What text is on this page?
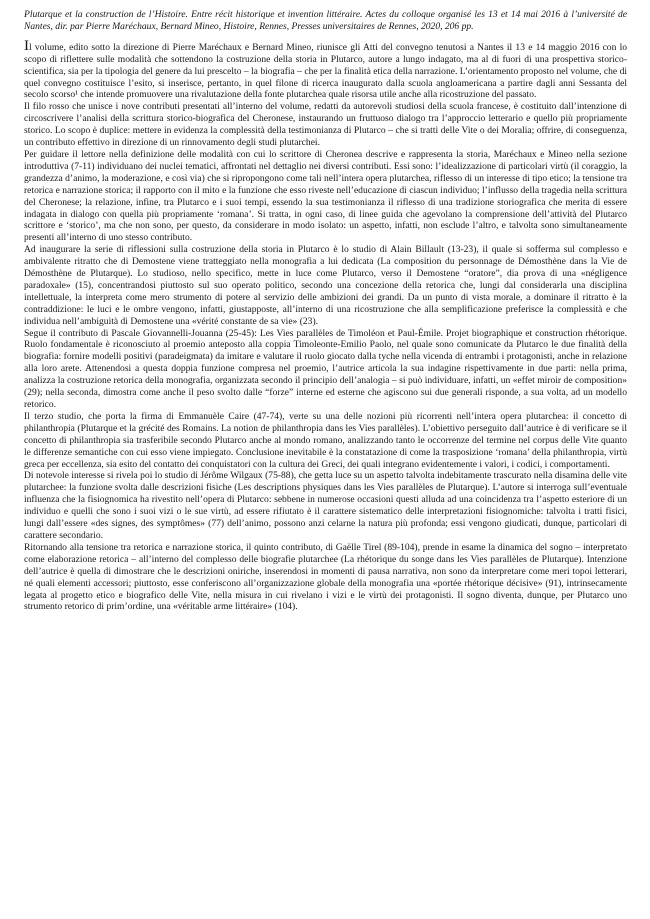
Plutarque et la construction de l’Histoire. Entre récit historique et invention littéraire. Actes du colloque organisé les 13 et 14 mai 2016 à l’université de Nantes, dir. par Pierre Maréchaux, Bernard Mineo, Histoire, Rennes, Presses universitaires de Rennes, 2020, 206 pp.

Il volume, edito sotto la direzione di Pierre Maréchaux e Bernard Mineo, riunisce gli Atti del convegno tenutosi a Nantes il 13 e 14 maggio 2016 con lo scopo di riflettere sulle modalità che sottendono la costruzione della storia in Plutarco, autore a lungo indagato, ma al di fuori di una prospettiva storico-scientifica, sia per la tipologia del genere da lui prescelto – la biografia – che per la finalità etica della narrazione. L’orientamento proposto nel volume, che di quel convegno costituisce l’esito, si inserisce, pertanto, in quel filone di ricerca inaugurato dalla scuola angloamericana a partire dagli anni Sessanta del secolo scorso¹ che intende promuovere una rivalutazione della fonte plutarchea quale risorsa utile anche alla ricostruzione del passato.

Il filo rosso che unisce i nove contributi presentati all’interno del volume, redatti da autorevoli studiosi della scuola francese, è costituito dall’intenzione di circoscrivere l’analisi della scrittura storico-biografica del Cheronese, instaurando un fruttuoso dialogo tra l’approccio letterario e quello più propriamente storico. Lo scopo è duplice: mettere in evidenza la complessità della testimonianza di Plutarco – che si tratti delle Vite o dei Moralia; offrire, di conseguenza, un contributo effettivo in direzione di un rinnovamento degli studi plutarchei.

Per guidare il lettore nella definizione delle modalità con cui lo scrittore di Cheronea descrive e rappresenta la storia, Maréchaux e Mineo nella sezione introduttiva (7-11) individuano dei nuclei tematici, affrontati nel dettaglio nei diversi contributi. Essi sono: l’idealizzazione di particolari virtù (il coraggio, la grandezza d’animo, la moderazione, e così via) che si ripropongono come tali nell’intera opera plutarchea, riflesso di un interesse di tipo etico; la tensione tra retorica e narrazione storica; il rapporto con il mito e la funzione che esso riveste nell’educazione di ciascun individuo; l’influsso della tragedia nella scrittura del Cheronese; la relazione, infine, tra Plutarco e i suoi tempi, essendo la sua testimonianza il riflesso di una tradizione storiografica che merita di essere indagata in dialogo con quella più propriamente ‘romana’. Si tratta, in ogni caso, di linee guida che agevolano la comprensione dell’attività del Plutarco scrittore e ‘storico’, ma che non sono, per questo, da considerare in modo isolato: un aspetto, infatti, non esclude l’altro, e talvolta sono simultaneamente presenti all’interno di uno stesso contributo.

Ad inaugurare la serie di riflessioni sulla costruzione della storia in Plutarco è lo studio di Alain Billault (13-23), il quale si sofferma sul complesso e ambivalente ritratto che di Demostene viene tratteggiato nella monografia a lui dedicata (La composition du personnage de Démosthène dans la Vie de Démosthène de Plutarque). Lo studioso, nello specifico, mette in luce come Plutarco, verso il Demostene “oratore”, dia prova di una «négligence paradoxale» (15), concentrandosi piuttosto sul suo operato politico, secondo una concezione della retorica che, lungi dal considerarla una disciplina intellettuale, la interpreta come mero strumento di potere al servizio delle ambizioni dei grandi. Da un punto di vista morale, a dominare il ritratto è la contraddizione: le luci e le ombre vengono, infatti, giustapposte, all’interno di una ricostruzione che alla semplificazione preferisce la complessità e che individua nell’ambiguità di Demostene una «vérité constante de sa vie» (23).

Segue il contributo di Pascale Giovannelli-Jouanna (25-45): Les Vies parallèles de Timoléon et Paul-Émile. Projet biographique et construction rhétorique. Ruolo fondamentale è riconosciuto al proemio anteposto alla coppia Timoleonte-Emilio Paolo, nel quale sono comunicate da Plutarco le due finalità della biografia: fornire modelli positivi (paradeigmata) da imitare e valutare il ruolo giocato dalla tyche nella vicenda di entrambi i protagonisti, anche in relazione alla loro arete. Attenendosi a questa doppia funzione compresa nel proemio, l’autrice articola la sua indagine rispettivamente in due parti: nella prima, analizza la costruzione retorica della monografia, organizzata secondo il principio dell’analogia – si può individuare, infatti, un «effet miroir de composition» (29); nella seconda, dimostra come anche il peso svolto dalle “forze” interne ed esterne che agiscono sui due generali risponde, a sua volta, ad un modello retorico.

Il terzo studio, che porta la firma di Emmanuèle Caire (47-74), verte su una delle nozioni più ricorrenti nell’intera opera plutarchea: il concetto di philanthropia (Plutarque et la grécité des Romains. La notion de philanthropia dans les Vies parallèles). L’obiettivo perseguito dall’autrice è di verificare se il concetto di philanthropia sia trasferibile secondo Plutarco anche al mondo romano, analizzando tanto le occorrenze del termine nel corpus delle Vite quanto le differenze semantiche con cui esso viene impiegato. Conclusione inevitabile è la constatazione di come la trasposizione ‘romana’ della philanthropia, virtù greca per eccellenza, sia esito del contatto dei conquistatori con la cultura dei Greci, dei quali integrano evidentemente i valori, i codici, i comportamenti.

Di notevole interesse si rivela poi lo studio di Jérôme Wilgaux (75-88), che getta luce su un aspetto talvolta indebitamente trascurato nella disamina delle vite plutarchee: la funzione svolta dalle descrizioni fisiche (Les descriptions physiques dans les Vies parallèles de Plutarque). L’autore si interroga sull’eventuale influenza che la fisiognomica ha rivestito nell’opera di Plutarco: sebbene in numerose occasioni questi alluda ad una coincidenza tra l’aspetto esteriore di un individuo e quelli che sono i suoi vizi o le sue virtù, ad essere rifiutato è il carattere sistematico delle interpretazioni fisiognomiche: talvolta i tratti fisici, lungi dall’essere «des signes, des symptômes» (77) dell’animo, possono anzi celarne la natura più profonda; essi vengono giudicati, dunque, particolari di carattere secondario.

Ritornando alla tensione tra retorica e narrazione storica, il quinto contributo, di Gaëlle Tirel (89-104), prende in esame la dinamica del sogno – interpretato come elaborazione retorica – all’interno del complesso delle biografie plutarchee (La rhétorique du songe dans les Vies parallèles de Plutarque). Intenzione dell’autrice è quella di dimostrare che le descrizioni oniriche, inserendosi in momenti di pausa narrativa, non sono da interpretare come meri topoi letterari, né quali elementi accessori; piuttosto, esse conferiscono all’organizzazione globale della monografia una «portée rhétorique décisive» (91), intrinsecamente legata al progetto etico e biografico delle Vite, nella misura in cui rivelano i vizi e le virtù dei protagonisti. Il sogno diventa, dunque, per Plutarco uno strumento retorico di prim’ordine, una «véritable arme littéraire» (104).
